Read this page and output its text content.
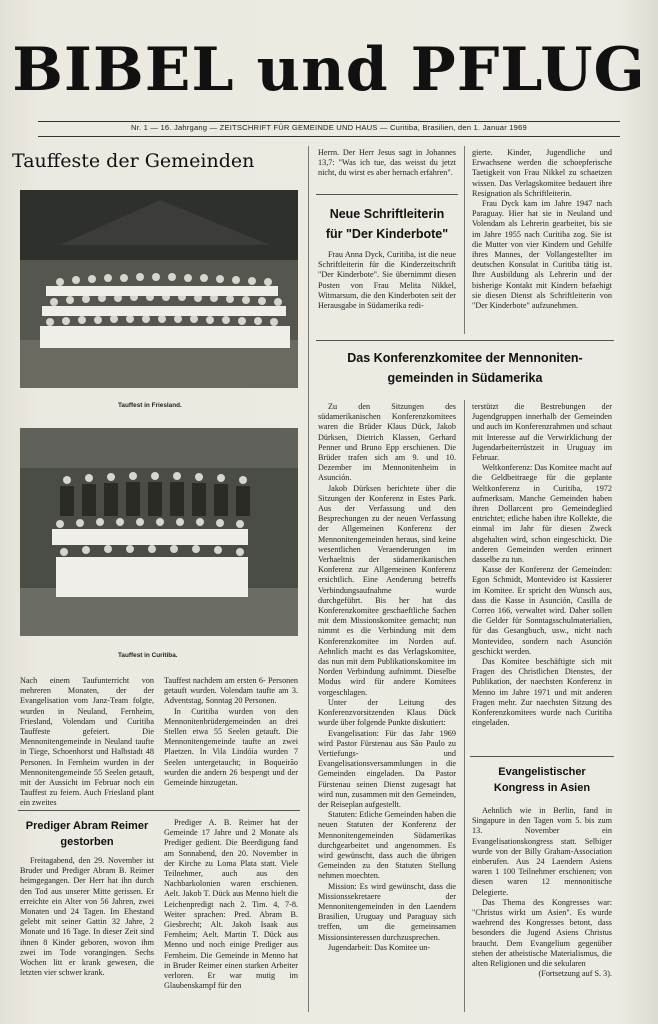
BIBEL und PFLUG
Nr. 1 — 16. Jahrgang — ZEITSCHRIFT FÜR GEMEINDE UND HAUS — Curitiba, Brasilien, den 1. Januar 1969
Tauffeste der Gemeinden
Tauffest in Friesland.
Tauffest in Curitiba.

Nach einem Taufunterricht von mehreren Monaten, der der Evangelisation vom Janz-Team folgte, wurden in Neuland, Fernheim, Friesland, Volendam und Curitiba Tauffeste gefeiert. Die Mennonitengemeinde in Neuland taufte in Tiege, Schoenhorst und Halbstadt 48 Personen. In Fernheim wurden in der Mennonitengemeinde 55 Seelen getauft, mit der Aussicht im Februar noch ein Tauffest zu feiern. Auch Friesland plant ein zweites

Tauffest nachdem am ersten 6- Personen getauft wurden. Volendam taufte am 3. Adventstag, Sonntag 20 Personen.

In Curitiba wurden von den Mennonitenbrüdergemeinden an drei Stellen etwa 55 Seelen getauft. Die Mennonitengemeinde taufte an zwei Plaetzen. In Vila Lindóia wurden 7 Seelen untergetaucht; in Boqueirão wurden die andern 26 bespengt und der Gemeinde hinzugetan.

Prediger Abram Reimer
gestorben

Freitagabend, den 29. November ist Bruder und Prediger Abram B. Reimer heimgegangen. Der Herr hat ihn durch den Tod aus unserer Mitte gerissen. Er erreichte ein Alter von 56 Jahren, zwei Monaten und 24 Tagen. Im Ehestand gelebt mit seiner Gattin 32 Jahre, 2 Monate und 16 Tage. In dieser Zeit sind ihnen 8 Kinder geboren, wovon ihm zwei im Tode vorangingen. Sechs Wochen litt er krank gewesen, die letzten vier schwer krank.

Prediger A. B. Reimer hat der Gemeinde 17 Jahre und 2 Monate als Prediger gedient. Die Beerdigung fand am Sonnabend, den 20. November in der Kirche zu Loma Plata statt. Viele Teilnehmer, auch aus den Nachbarkolonien waren erschienen. Aelt. Jakob T. Dück aus Menno hielt die Leichenpredigt nach 2. Tim. 4, 7-8. Weiter sprachen: Pred. Abram B. Giesbrecht; Alt. Jakob Isaak aus Fernheim; Aelt. Martin T. Dück aus Menno und noch einige Prediger aus Fernheim. Die Gemeinde in Menno hat in Bruder Reimer einen starken Arbeiter verloren. Er war mutig im Glaubenskampf für den

Herrn. Der Herr Jesus sagt in Johannes 13,7: "Was ich tue, das weisst du jetzt nicht, du wirst es aber hernach erfahren".

Neue Schriftleiterin
für "Der Kinderbote"

Frau Anna Dyck, Curitiba, ist die neue Schriftleiterin für die Kinderzeitschrift "Der Kinderbote". Sie übernimmt diesen Posten von Frau Melita Nikkel, Witmarsum, die den Kinderboten seit der Herausgabe in Südamerika redi-

gierte. Kinder, Jugendliche und Erwachsene werden die schoepferische Taetigkeit von Frau Nikkel zu schaetzen wissen. Das Verlagskomitee bedauert ihre Resignation als Schriftleiterin.

Frau Dyck kam im Jahre 1947 nach Paraguay. Hier hat sie in Neuland und Volendam als Lehrerin gearbeitet, bis sie im Jahre 1955 nach Curitiba zog. Sie ist die Mutter von vier Kindern und Gehilfe ihres Mannes, der Vollangestellter im deutschen Konsulat in Curitiba tätig ist. Ihre Ausbildung als Lehrerin und der bisherige Kontakt mit Kindern befaehigt sie diesen Dienst als Schriftleiterin von "Der Kinderbote" aufzunehmen.

Das Konferenzkomitee der Mennoniten-
gemeinden in Südamerika

Zu den Sitzungen des südamerikanischen Konferenzkomitees waren die Brüder Klaus Dück, Jakob Dürksen, Dietrich Klassen, Gerhard Penner und Bruno Epp erschienen. Die Brüder trafen sich am 9. und 10. Dezember im Mennonitenheim in Asunción.

Jakob Dürksen berichtete über die Sitzungen der Konferenz in Estes Park. Aus der Verfassung und den Besprechungen zu der neuen Verfassung der Allgemeinen Konferenz der Mennonitengemeinden heraus, sind keine wesentlichen Veraenderungen im Verhaeltnis der südamerikanischen Konferenz zur Allgemeinen Konferenz ersichtlich. Eine Aenderung betreffs Verbindungsaufnahme wurde durchgeführt. Bis her hat das Konferenzkomitee geschaeftliche Sachen mit dem Missionskomitee gemacht; nun nimmt es die Verbindung mit dem Konferenzkomitee im Norden auf. Aehnlich macht es das Verlagskomitee, das nun mit dem Publikationskomitee im Norden Verbindung aufnimmt. Dieselbe Modus wird für andere Komitees vorgeschlagen.

Unter der Leitung des Konferenzvorsitzenden Klaus Dück wurde über folgende Punkte diskutiert:

Evangelisation: Für das Jahr 1969 wird Pastor Fürstenau aus São Paulo zu Vertiefungs- und Evangelisationsversammlungen in die Gemeinden eingeladen. Da Pastor Fürstenau seinen Dienst zugesagt hat wird nun, zusammen mit den Gemeinden, der Reiseplan aufgestellt.

Statuten: Etliche Gemeinden haben die neuen Statuten der Konferenz der Mennonitengemeinden Südamerikas durchgearbeitet und angenommen. Es wird gewünscht, dass auch die übrigen Gemeinden zu den Statuten Stellung nehmen moechten.

Mission: Es wird gewünscht, dass die Missionssekretaere der Mennonitengemeinden in den Laendern Brasilien, Uruguay und Paraguay sich treffen, um die gemeinsamen Missionsinteressen durchzusprechen.

Jugendarbeit: Das Komitee un-

terstützt die Bestrebungen der Jugendgruppen innerhalb der Gemeinden und auch im Konferenzrahmen und schaut mit Interesse auf die Verwirklichung der Jugendarbeiterrüstzeit in Uruguay im Februar.

Weltkonferenz: Das Komitee macht auf die Geldbeitraege für die geplante Weltkonferenz in Curitiba, 1972 aufmerksam. Manche Gemeinden haben ihren Dollarcent pro Gemeindeglied entrichtet; etliche haben ihre Kollekte, die einmal im Jahr für diesen Zweck abgehalten wird, schon eingeschickt. Die anderen Gemeinden werden erinnert dasselbe zu tun.

Kasse der Konferenz der Gemeinden: Egon Schmidt, Montevideo ist Kassierer im Komitee. Er spricht den Wunsch aus, dass die Kasse in Asunción, Casilla de Correo 166, verwaltet wird. Daher sollen die Gelder für Sonntagsschulmaterialien, für das Gesangbuch, usw., nicht nach Montevideo, sondern nach Asunción geschickt werden.

Das Komitee beschäftigte sich mit Fragen des Christlichen Dienstes, der Publikation, der naechsten Konferenz in Menno im Jahre 1971 und mit anderen Fragen mehr. Zur naechsten Sitzung des Konferenzkomitees wurde nach Curitiba eingeladen.

Evangelistischer
Kongress in Asien

Aehnlich wie in Berlin, fand in Singapure in den Tagen vom 5. bis zum 13. November ein Evangelisationskongress statt. Selbiger wurde von der Billy Graham-Association einberufen. Aus 24 Laendern Asiens waren 1 100 Teilnehmer erschienen; von diesen waren 12 mennonitische Delegierte.

Das Thema des Kongresses war: "Christus wirkt um Asien". Es wurde waehrend des Kongresses betont, dass besonders die Jugend Asiens Christus braucht. Dem Evangelium gegenüber stehen der atheistische Materialismus, die alten Religionen und die sekularen

(Fortsetzung auf S. 3).
